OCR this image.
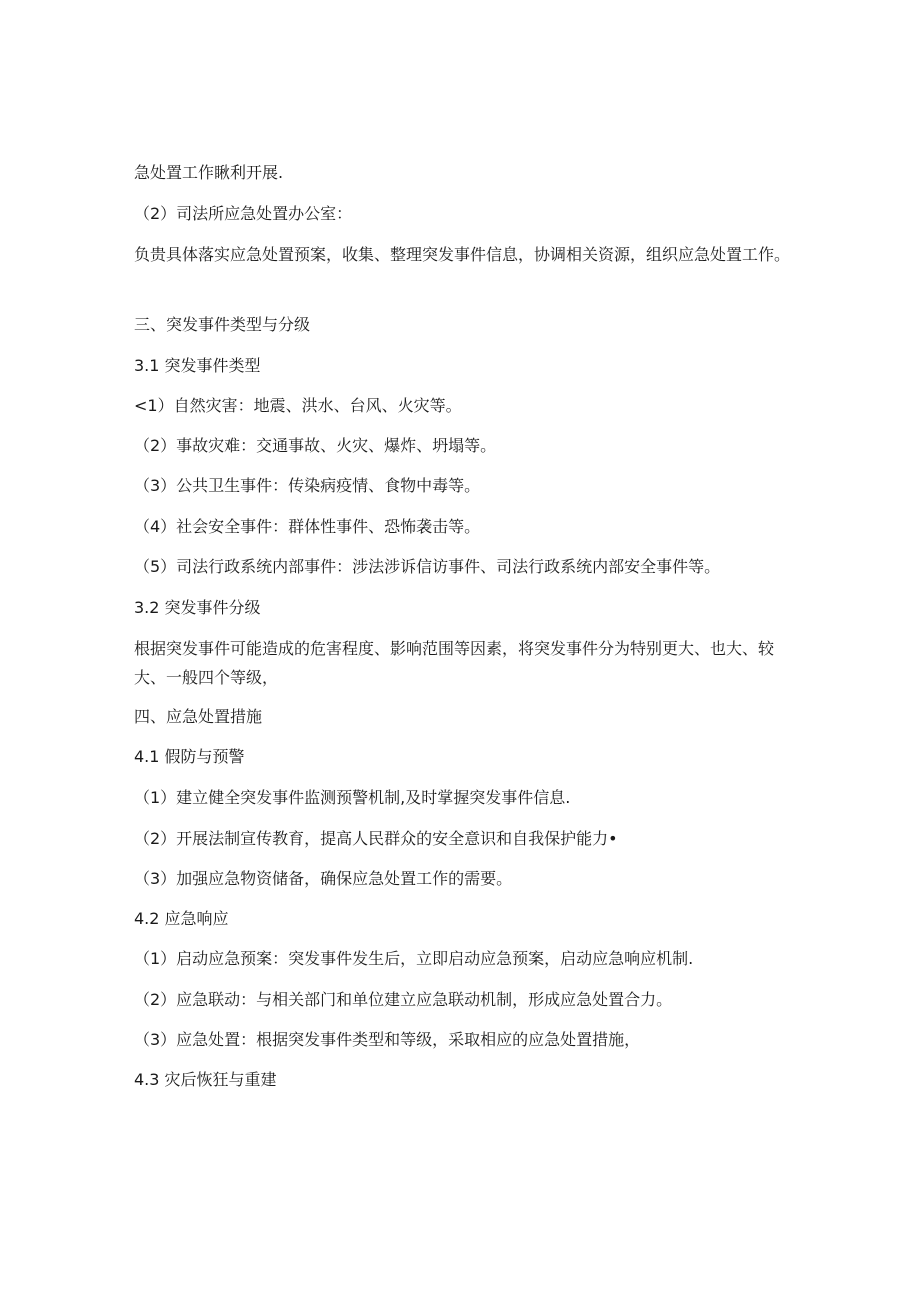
急处置工作瞅利开展.
（2）司法所应急处置办公室：
负贵具体落实应急处置预案，收集、整理突发事件信息，协调相关资源，组织应急处置工作。
三、突发事件类型与分级
3.1 突发事件类型
<1）自然灾害：地震、洪水、台风、火灾等。
（2）事故灾难：交通事故、火灾、爆炸、坍塌等。
（3）公共卫生事件：传染病疫情、食物中毒等。
（4）社会安全事件：群体性事件、恐怖袭击等。
（5）司法行政系统内部事件：涉法涉诉信访事件、司法行政系统内部安全事件等。
3.2 突发事件分级
根据突发事件可能造成的危害程度、影响范围等因素，将突发事件分为特别更大、也大、较大、一般四个等级，
四、应急处置措施
4.1 假防与预警
（1）建立健全突发事件监测预警机制,及时掌握突发事件信息.
（2）开展法制宣传教育，提高人民群众的安全意识和自我保护能力•
（3）加强应急物资储备，确保应急处置工作的需要。
4.2 应急响应
（1）启动应急预案：突发事件发生后，立即启动应急预案，启动应急响应机制.
（2）应急联动：与相关部门和单位建立应急联动机制，形成应急处置合力。
（3）应急处置：根据突发事件类型和等级，采取相应的应急处置措施，
4.3 灾后恢狂与重建
